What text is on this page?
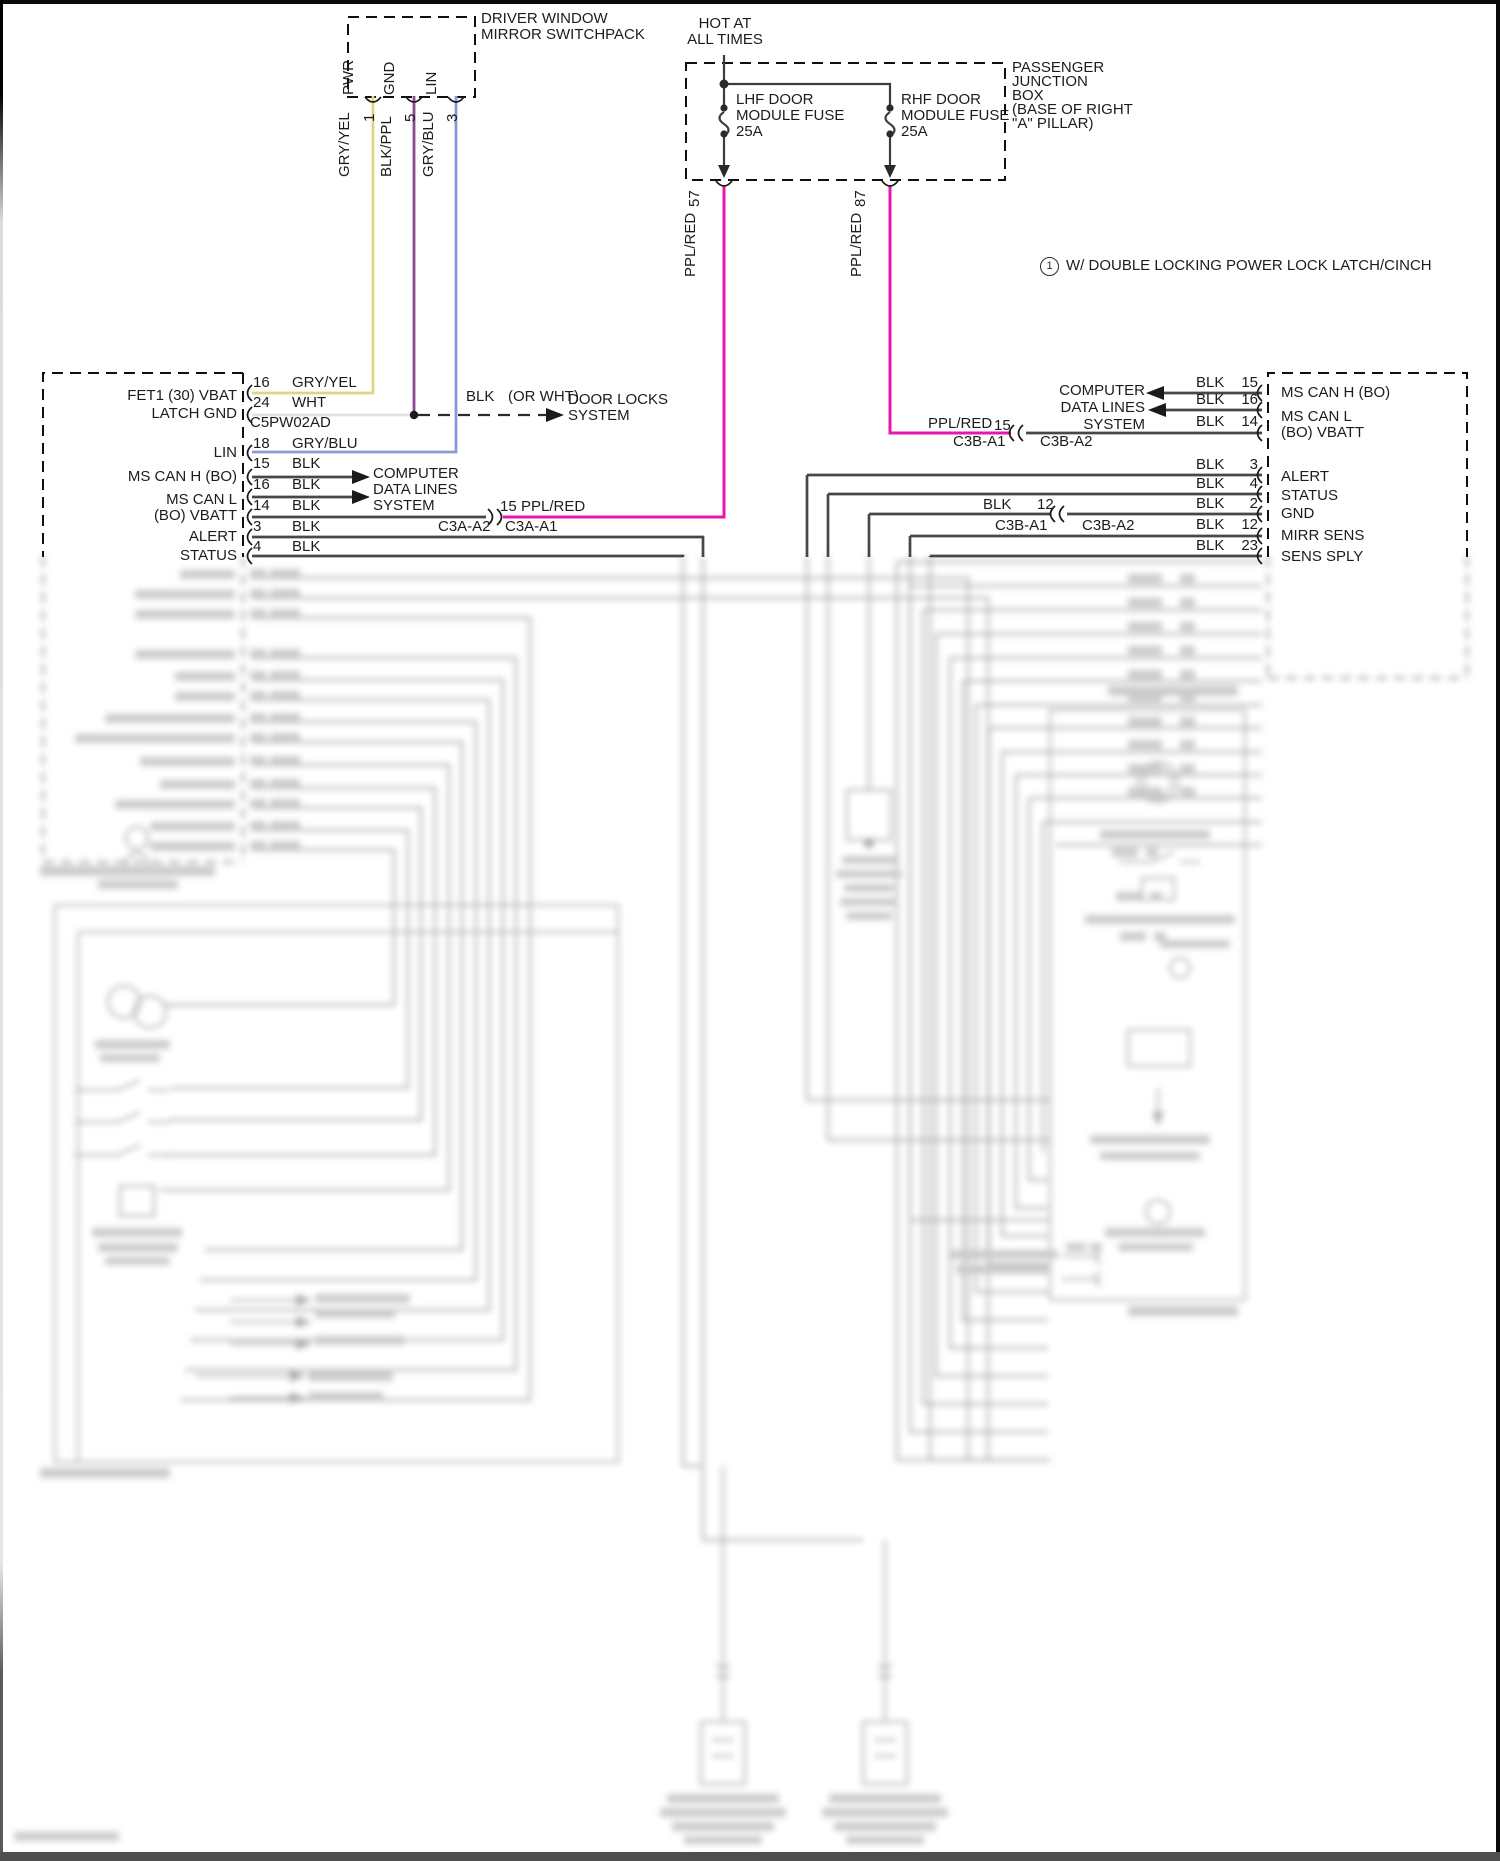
DRIVER WINDOW
MIRROR SWITCHPACK
PWR GND LIN
1 5 3
GRY/YEL BLK/PPL GRY/BLU
HOT AT
ALL TIMES
LHF DOOR
MODULE FUSE
25A
RHF DOOR
MODULE FUSE
25A
PASSENGER
JUNCTION
BOX
(BASE OF RIGHT
"A" PILLAR)
57	87
PPL/RED	PPL/RED	1 W/ DOUBLE LOCKING POWER LOCK LATCH/CINCH
FET1 (30) VBAT
LATCH GND
LIN
MS CAN H (BO)
MS CAN L
(BO) VBATT
ALERT
STATUS
C5PW02AD
16 GRY/YEL
24 WHT
18 GRY/BLU
15 BLK
16 BLK
14 BLK
3 BLK
4 BLK
BLK (OR WHT)
DOOR LOCKS
SYSTEM
COMPUTER
DATA LINES
SYSTEM
C3A-A2 C3A-A1
15 PPL/RED
COMPUTER
DATA LINES
SYSTEM
PPL/RED 15
C3B-A1 C3B-A2
BLK 12
C3B-A1 C3B-A2
BLK 15
BLK 16
BLK 14
BLK	3
BLK	4
BLK	2
BLK 12
BLK 23
MS CAN H (BO)
MS CAN L
(BO) VBATT
ALERT
STATUS
GND
MIRR SENS
SENS SPLY
